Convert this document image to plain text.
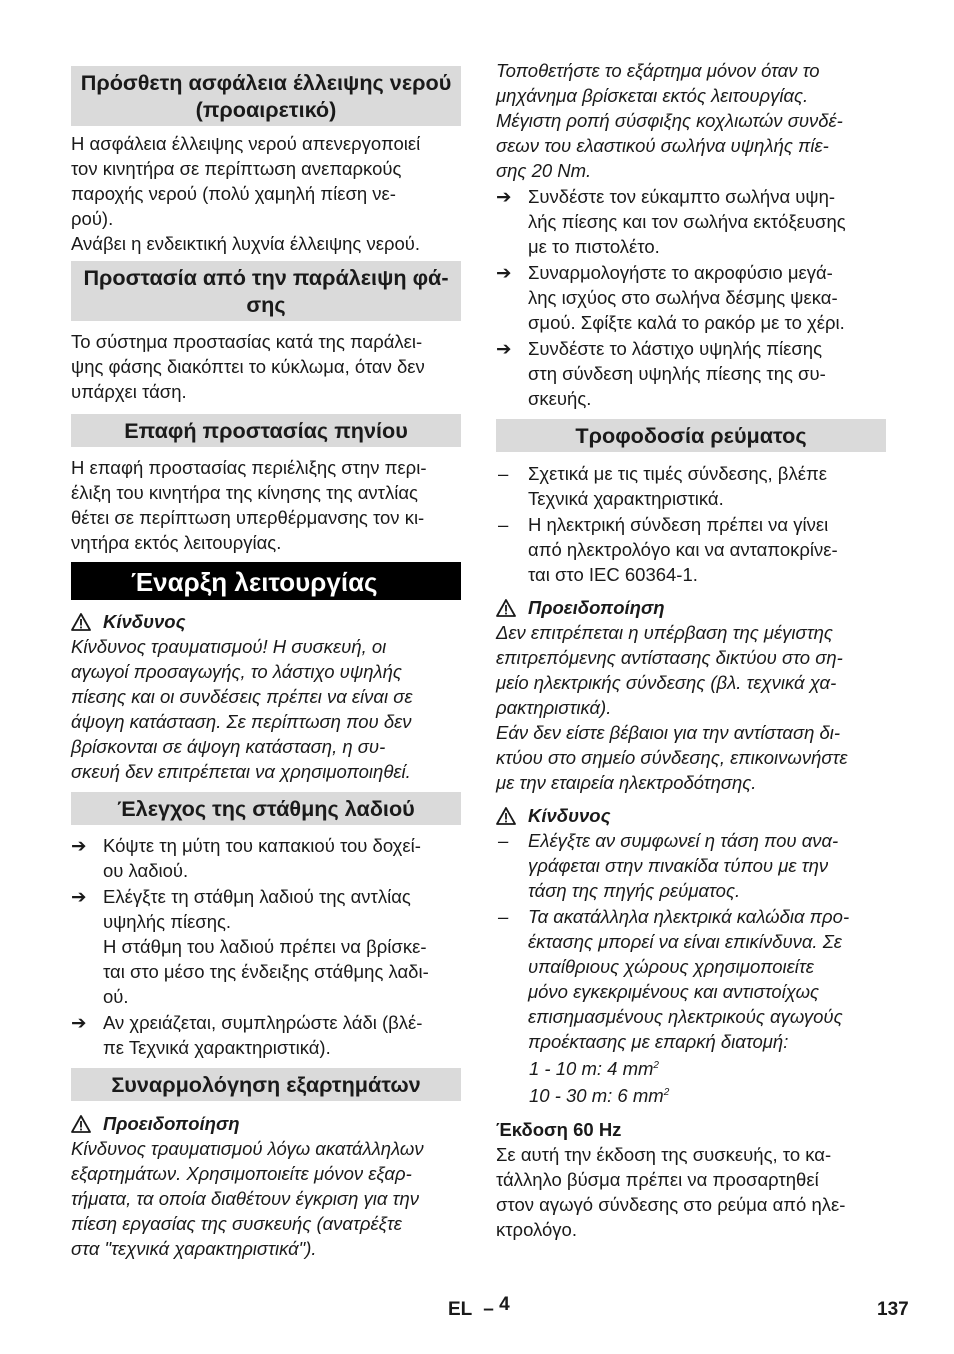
Πρόσθετη ασφάλεια έλλειψης νερού
(προαιρετικό)

Η ασφάλεια έλλειψης νερού απενεργοποιεί
τον κινητήρα σε περίπτωση ανεπαρκούς
παροχής νερού (πολύ χαμηλή πίεση νε-
ρού).
Ανάβει η ενδεικτική λυχνία έλλειψης νερού.

Προστασία από την παράλειψη φά-
σης

Το σύστημα προστασίας κατά της παράλει-
ψης φάσης διακόπτει το κύκλωμα, όταν δεν
υπάρχει τάση.

Επαφή προστασίας πηνίου

Η επαφή προστασίας περιέλιξης στην περι-
έλιξη του κινητήρα της κίνησης της αντλίας
θέτει σε περίπτωση υπερθέρμανσης τον κι-
νητήρα εκτός λειτουργίας.

Έναρξη λειτουργίας
Κίνδυνος

Κίνδυνος τραυματισμού! Η συσκευή, οι
αγωγοί προσαγωγής, το λάστιχο υψηλής
πίεσης και οι συνδέσεις πρέπει να είναι σε
άψογη κατάσταση. Σε περίπτωση που δεν
βρίσκονται σε άψογη κατάσταση, η συ-
σκευή δεν επιτρέπεται να χρησιμοποιηθεί.

Έλεγχος της στάθμης λαδιού
➔ Κόψτε τη μύτη του καπακιού του δοχεί-
ου λαδιού.
➔ Ελέγξτε τη στάθμη λαδιού της αντλίας
υψηλής πίεσης.
Η στάθμη του λαδιού πρέπει να βρίσκε-
ται στο μέσο της ένδειξης στάθμης λαδι-
ού.
➔ Αν χρειάζεται, συμπληρώστε λάδι (βλέ-
πε Τεχνικά χαρακτηριστικά).
Συναρμολόγηση εξαρτημάτων
Προειδοποίηση

Κίνδυνος τραυματισμού λόγω ακατάλληλων
εξαρτημάτων. Χρησιμοποιείτε μόνον εξαρ-
τήματα, τα οποία διαθέτουν έγκριση για την
πίεση εργασίας της συσκευής (ανατρέξτε
στα "τεχνικά χαρακτηριστικά").

Τοποθετήστε το εξάρτημα μόνον όταν το
μηχάνημα βρίσκεται εκτός λειτουργίας.
Μέγιστη ροπή σύσφιξης κοχλιωτών συνδέ-
σεων του ελαστικού σωλήνα υψηλής πίε-
σης 20 Nm.

➔ Συνδέστε τον εύκαμπτο σωλήνα υψη-
λής πίεσης και τον σωλήνα εκτόξευσης
με το πιστολέτο.
➔ Συναρμολογήστε το ακροφύσιο μεγά-
λης ισχύος στο σωλήνα δέσμης ψεκα-
σμού. Σφίξτε καλά το ρακόρ με το χέρι.
➔ Συνδέστε το λάστιχο υψηλής πίεσης
στη σύνδεση υψηλής πίεσης της συ-
σκευής.
Τροφοδοσία ρεύματος
– Σχετικά με τις τιμές σύνδεσης, βλέπε
Τεχνικά χαρακτηριστικά.
– Η ηλεκτρική σύνδεση πρέπει να γίνει
από ηλεκτρολόγο και να ανταποκρίνε-
ται στο IEC 60364-1.
Προειδοποίηση

Δεν επιτρέπεται η υπέρβαση της μέγιστης
επιτρεπόμενης αντίστασης δικτύου στο ση-
μείο ηλεκτρικής σύνδεσης (βλ. τεχνικά χα-
ρακτηριστικά).
Εάν δεν είστε βέβαιοι για την αντίσταση δι-
κτύου στο σημείο σύνδεσης, επικοινωνήστε
με την εταιρεία ηλεκτροδότησης.

Κίνδυνος
– Ελέγξτε αν συμφωνεί η τάση που ανα-
γράφεται στην πινακίδα τύπου με την
τάση της πηγής ρεύματος.
– Τα ακατάλληλα ηλεκτρικά καλώδια προ-
έκτασης μπορεί να είναι επικίνδυνα. Σε
υπαίθριους χώρους χρησιμοποιείτε
μόνο εγκεκριμένους και αντιστοίχως
επισημασμένους ηλεκτρικούς αγωγούς
προέκτασης με επαρκή διατομή:

1 - 10 m: 4 $mm^2$

10 - 30 m: 6 $mm^2$

Έκδοση 60 Hz

Σε αυτή την έκδοση της συσκευής, το κα-
τάλληλο βύσμα πρέπει να προσαρτηθεί
στον αγωγό σύνδεσης στο ρεύμα από ηλε-
κτρολόγο.

EL – 4	137
